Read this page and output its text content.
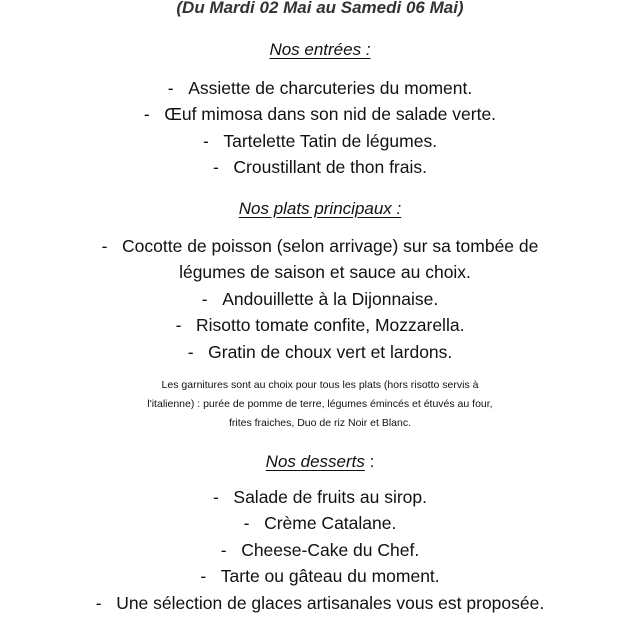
(Du Mardi 02 Mai au Samedi 06 Mai)
Nos entrées :
- Assiette de charcuteries du moment.
- Œuf mimosa dans son nid de salade verte.
- Tartelette Tatin de légumes.
- Croustillant de thon frais.
Nos plats principaux :
- Cocotte de poisson (selon arrivage) sur sa tombée de
légumes de saison et sauce au choix.
- Andouillette à la Dijonnaise.
- Risotto tomate confite, Mozzarella.
- Gratin de choux vert et lardons.
Les garnitures sont au choix pour tous les plats (hors risotto servis à
l'italienne) : purée de pomme de terre, légumes émincés et étuvés au four,
frites fraiches, Duo de riz Noir et Blanc.
Nos desserts :
- Salade de fruits au sirop.
- Crème Catalane.
- Cheese-Cake du Chef.
- Tarte ou gâteau du moment.
- Une sélection de glaces artisanales vous est proposée.
